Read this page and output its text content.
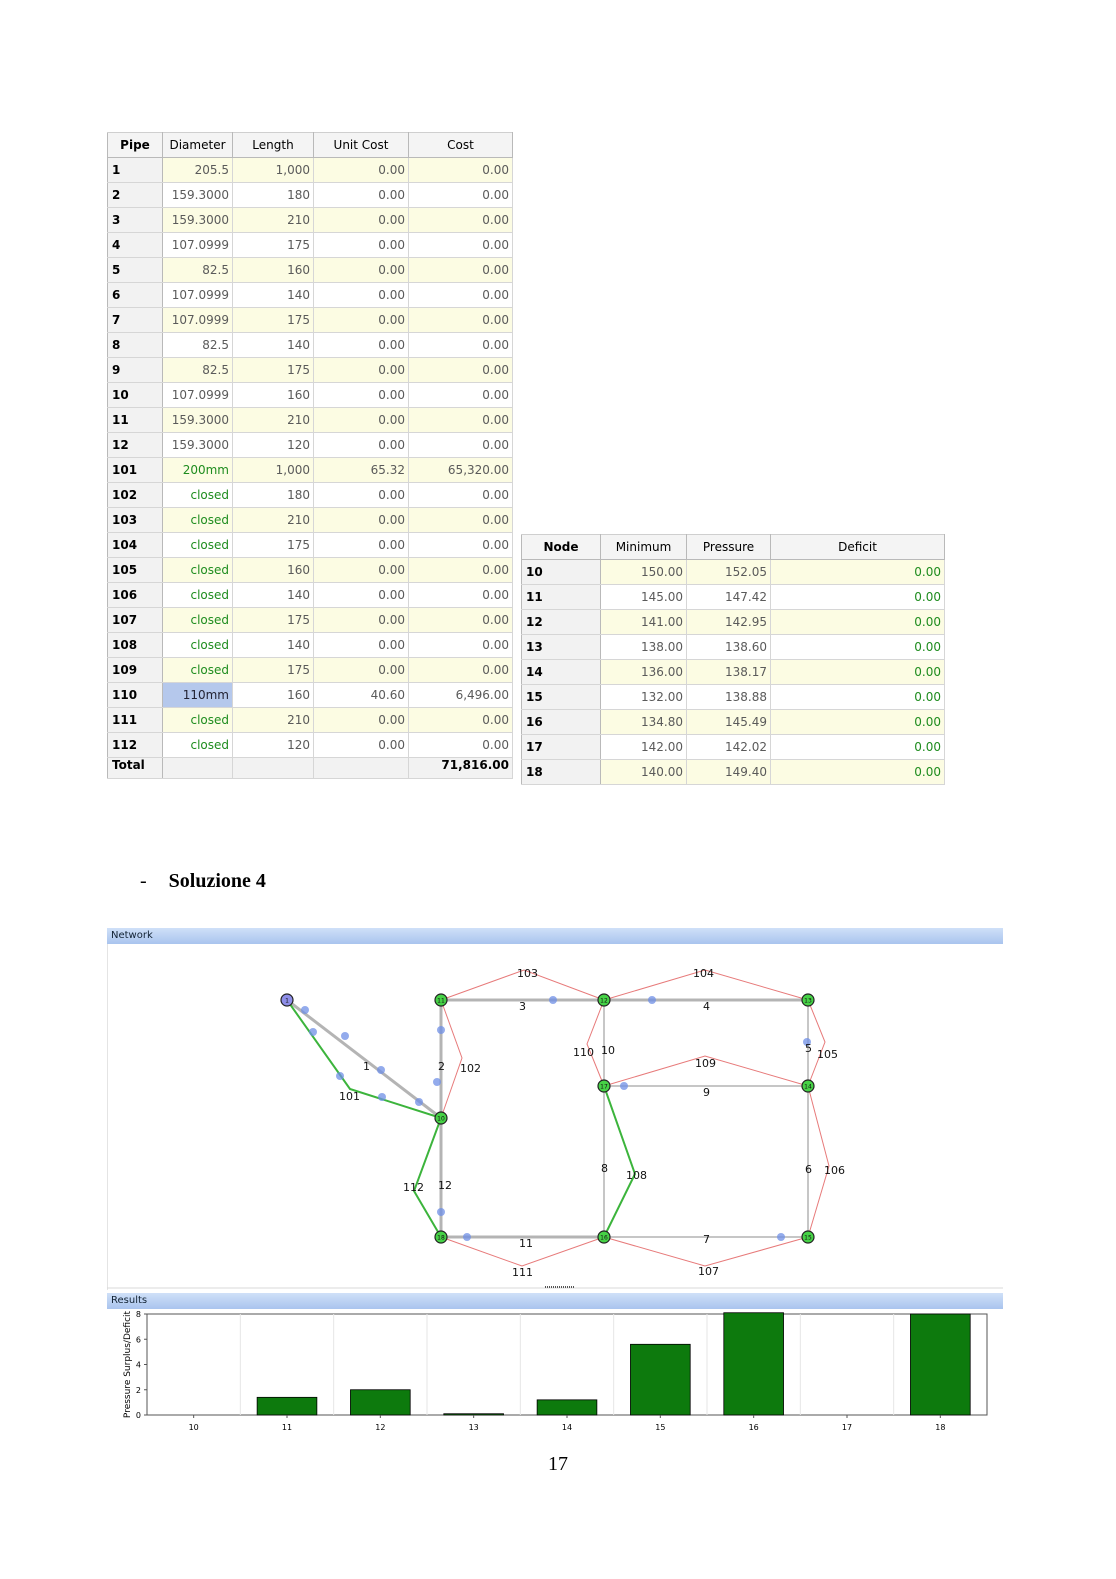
Pipe	Diameter	Length	Unit Cost	Cost
1	205.5	1,000	0.00	0.00
2	159.3000	180	0.00	0.00
3	159.3000	210	0.00	0.00
4	107.0999	175	0.00	0.00
5	82.5	160	0.00	0.00
6	107.0999	140	0.00	0.00
7	107.0999	175	0.00	0.00
8	82.5	140	0.00	0.00
9	82.5	175	0.00	0.00
10	107.0999	160	0.00	0.00
11	159.3000	210	0.00	0.00
12	159.3000	120	0.00	0.00
101	200mm	1,000	65.32	65,320.00
102	closed	180	0.00	0.00
103	closed	210	0.00	0.00
104	closed	175	0.00	0.00
105	closed	160	0.00	0.00
106	closed	140	0.00	0.00
107	closed	175	0.00	0.00
108	closed	140	0.00	0.00
109	closed	175	0.00	0.00
110	110mm	160	40.60	6,496.00
111	closed	210	0.00	0.00
112	closed	120	0.00	0.00
Total				71,816.00
Node	Minimum	Pressure	Deficit
10	150.00	152.05	0.00
11	145.00	147.42	0.00
12	141.00	142.95	0.00
13	138.00	138.60	0.00
14	136.00	138.17	0.00
15	132.00	138.88	0.00
16	134.80	145.49	0.00
17	142.00	142.02	0.00
18	140.00	149.40	0.00
- Soluzione 4
Network
1	2
3	4
5
6
7
8
9
10
11
12
101
102
103	104
105
106
107
108
109
110
111
112
1
10
11	12	13
14
15
16
17
18
Results
0
2
4
6
8
10	11	12	13	14	15	16	17	18
Pressure Surplus/Deficit
17
